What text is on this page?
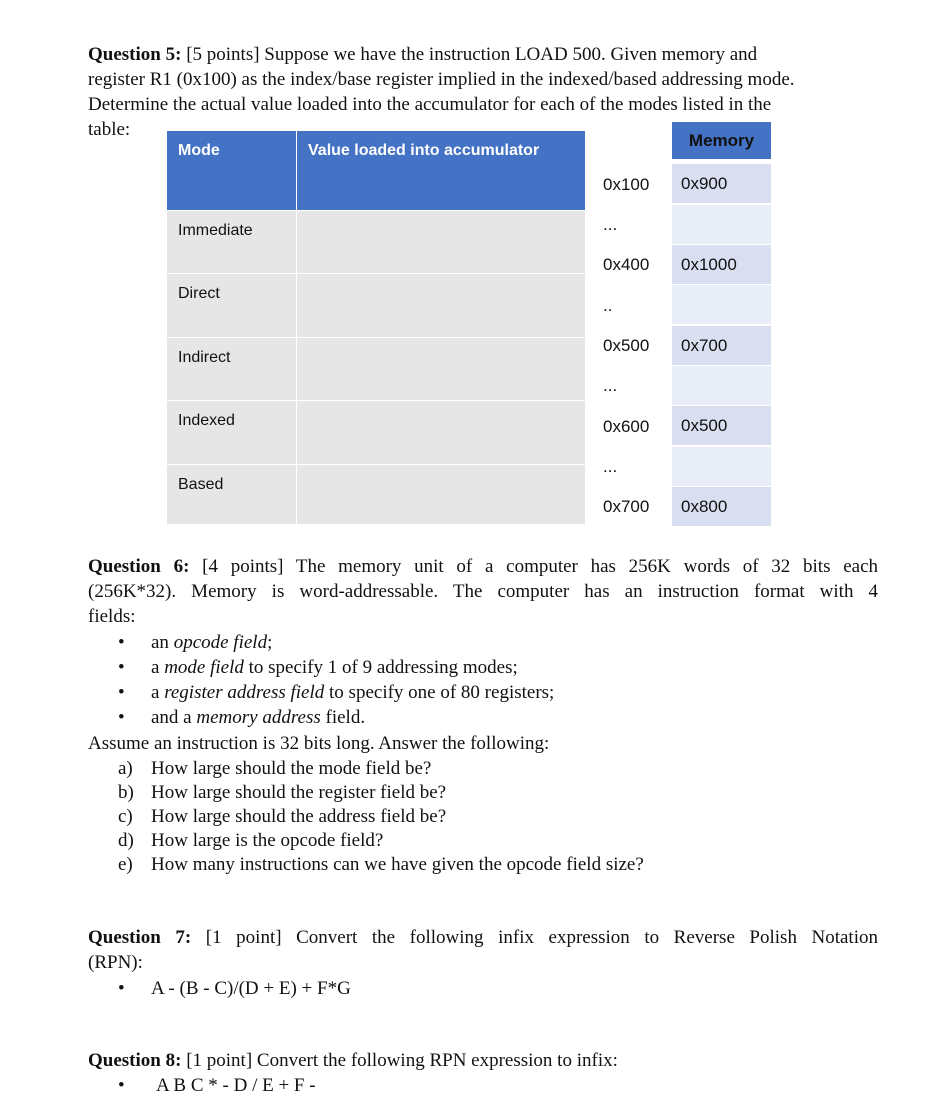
Question 5: [5 points] Suppose we have the instruction LOAD 500. Given memory and
register R1 (0x100) as the index/base register implied in the indexed/based addressing mode.
Determine the actual value loaded into the accumulator for each of the modes listed in the
table:
Mode	Value loaded into accumulator

Immediate	

Direct	

Indirect	

Indexed	

Based	

Memory
0x100	0x900
...
0x400	0x1000
..
0x500	0x700
...
0x600	0x500
...
0x700	0x800
Question 6: [4 points] The memory unit of a computer has 256K words of 32 bits each
(256K*32). Memory is word-addressable. The computer has an instruction format with 4
fields:
• an opcode field;
• a mode field to specify 1 of 9 addressing modes;
• a register address field to specify one of 80 registers;
• and a memory address field.
Assume an instruction is 32 bits long. Answer the following:
a) How large should the mode field be?
b) How large should the register field be?
c) How large should the address field be?
d) How large is the opcode field?
e) How many instructions can we have given the opcode field size?
Question 7: [1 point] Convert the following infix expression to Reverse Polish Notation
(RPN):
• A - (B - C)/(D + E) + F*G
Question 8: [1 point] Convert the following RPN expression to infix:
• A B C * - D / E + F -
